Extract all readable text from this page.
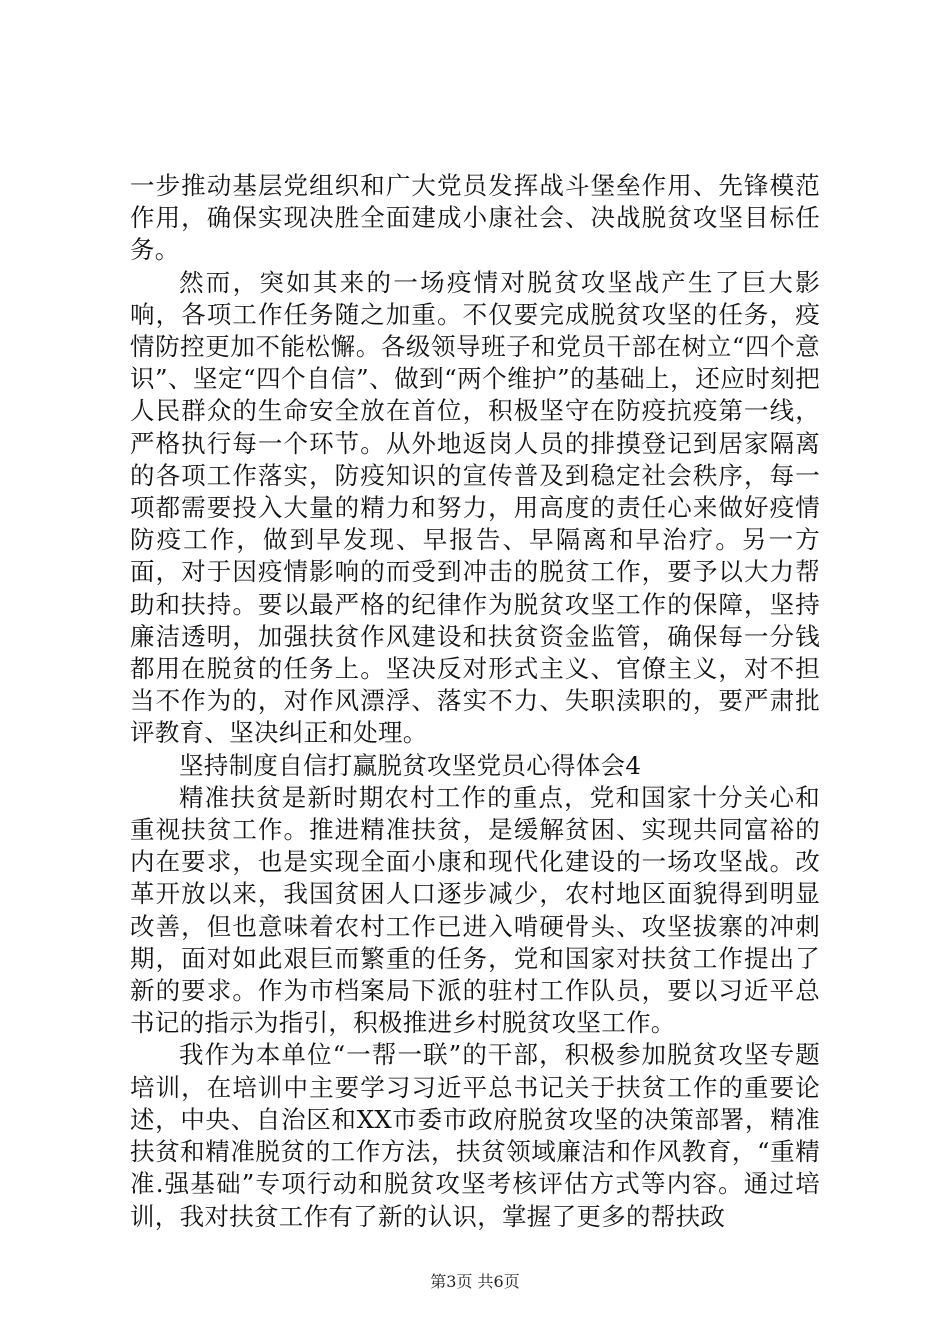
一步推动基层党组织和广大党员发挥战斗堡垒作用、先锋模范作用，确保实现决胜全面建成小康社会、决战脱贫攻坚目标任务。

然而，突如其来的一场疫情对脱贫攻坚战产生了巨大影响，各项工作任务随之加重。不仅要完成脱贫攻坚的任务，疫情防控更加不能松懈。各级领导班子和党员干部在树立“四个意识”、坚定“四个自信”、做到“两个维护”的基础上，还应时刻把人民群众的生命安全放在首位，积极坚守在防疫抗疫第一线，严格执行每一个环节。从外地返岗人员的排摸登记到居家隔离的各项工作落实，防疫知识的宣传普及到稳定社会秩序，每一项都需要投入大量的精力和努力，用高度的责任心来做好疫情防疫工作，做到早发现、早报告、早隔离和早治疗。另一方面，对于因疫情影响的而受到冲击的脱贫工作，要予以大力帮助和扶持。要以最严格的纪律作为脱贫攻坚工作的保障，坚持廉洁透明，加强扶贫作风建设和扶贫资金监管，确保每一分钱都用在脱贫的任务上。坚决反对形式主义、官僚主义，对不担当不作为的，对作风漂浮、落实不力、失职渎职的，要严肃批评教育、坚决纠正和处理。

坚持制度自信打赢脱贫攻坚党员心得体会4

精准扶贫是新时期农村工作的重点，党和国家十分关心和重视扶贫工作。推进精准扶贫，是缓解贫困、实现共同富裕的内在要求，也是实现全面小康和现代化建设的一场攻坚战。改革开放以来，我国贫困人口逐步减少，农村地区面貌得到明显改善，但也意味着农村工作已进入啃硬骨头、攻坚拔寨的冲刺期，面对如此艰巨而繁重的任务，党和国家对扶贫工作提出了新的要求。作为市档案局下派的驻村工作队员，要以习近平总书记的指示为指引，积极推进乡村脱贫攻坚工作。

我作为本单位“一帮一联”的干部，积极参加脱贫攻坚专题培训，在培训中主要学习习近平总书记关于扶贫工作的重要论述，中央、自治区和XX市委市政府脱贫攻坚的决策部署，精准扶贫和精准脱贫的工作方法，扶贫领域廉洁和作风教育，“重精准.强基础”专项行动和脱贫攻坚考核评估方式等内容。通过培训，我对扶贫工作有了新的认识，掌握了更多的帮扶政

第3页 共6页
